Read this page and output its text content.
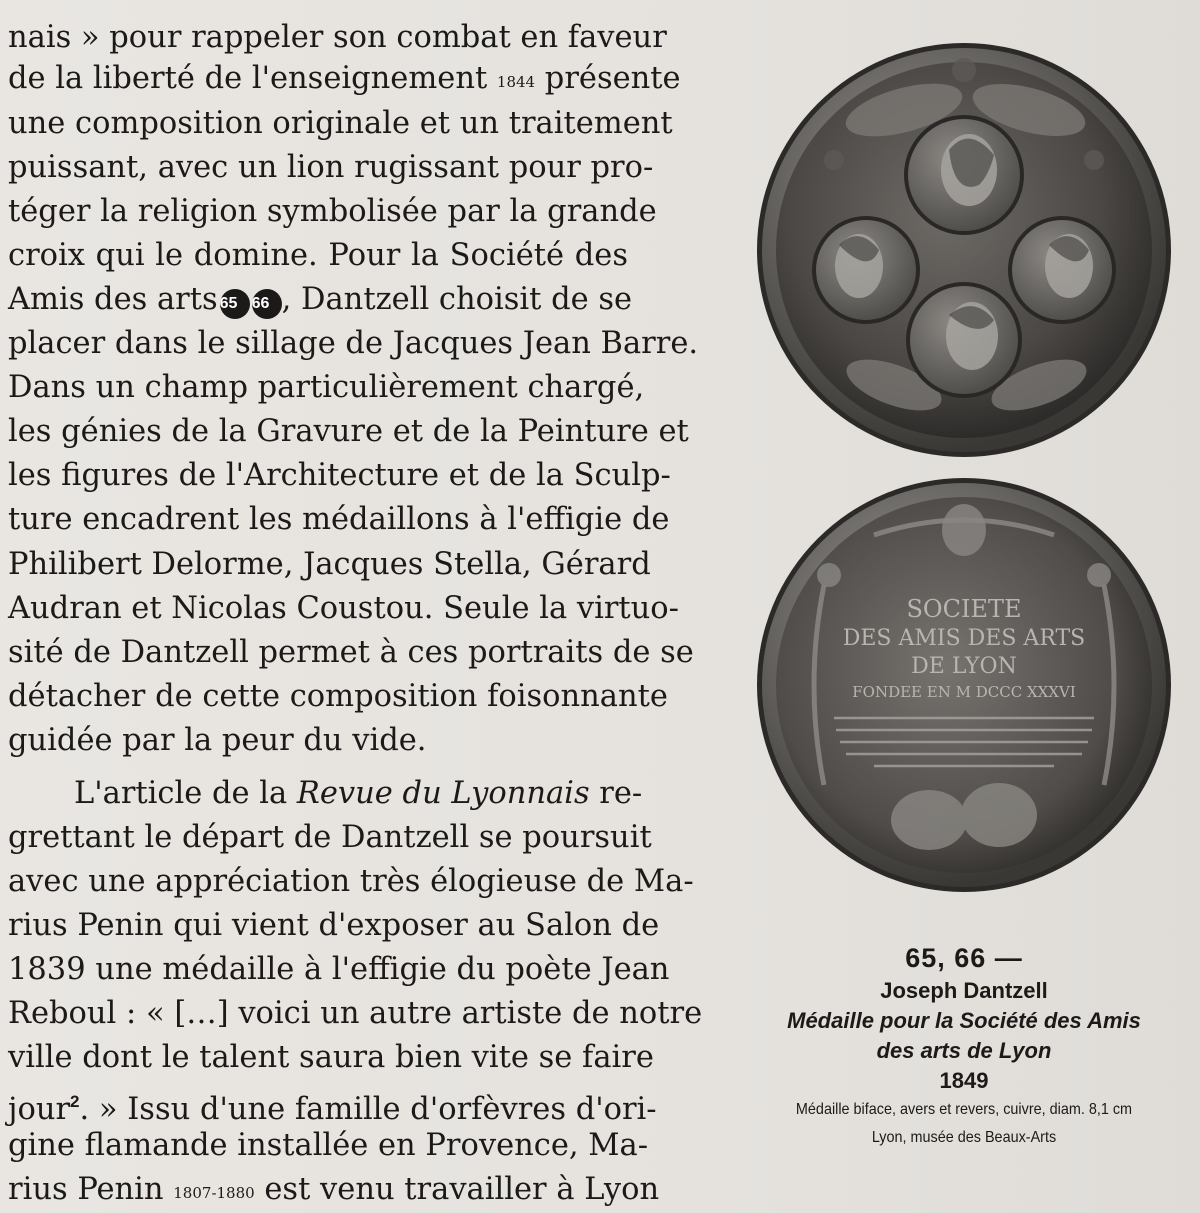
nais » pour rappeler son combat en faveur
de la liberté de l'enseignement 1844 présente
une composition originale et un traitement
puissant, avec un lion rugissant pour pro-
téger la religion symbolisée par la grande
croix qui le domine. Pour la Société des
Amis des arts 65 66 , Dantzell choisit de se
placer dans le sillage de Jacques Jean Barre.
Dans un champ particulièrement chargé,
les génies de la Gravure et de la Peinture et
les figures de l'Architecture et de la Sculp-
ture encadrent les médaillons à l'effigie de
Philibert Delorme, Jacques Stella, Gérard
Audran et Nicolas Coustou. Seule la virtuo-
sité de Dantzell permet à ces portraits de se
détacher de cette composition foisonnante
guidée par la peur du vide.
L'article de la Revue du Lyonnais re-
grettant le départ de Dantzell se poursuit
avec une appréciation très élogieuse de Ma-
rius Penin qui vient d'exposer au Salon de
1839 une médaille à l'effigie du poète Jean
Reboul : « […] voici un autre artiste de notre
ville dont le talent saura bien vite se faire
jour$^2$. » Issu d'une famille d'orfèvres d'ori-
gine flamande installée en Provence, Ma-
rius Penin 1807-1880 est venu travailler à Lyon
SOCIETE
DES AMIS DES ARTS
DE LYON
FONDEE EN M DCCC XXXVI
65, 66 —
Joseph Dantzell
Médaille pour la Société des Amis
des arts de Lyon
1849
Médaille biface, avers et revers, cuivre, diam. 8,1 cm
Lyon, musée des Beaux-Arts
